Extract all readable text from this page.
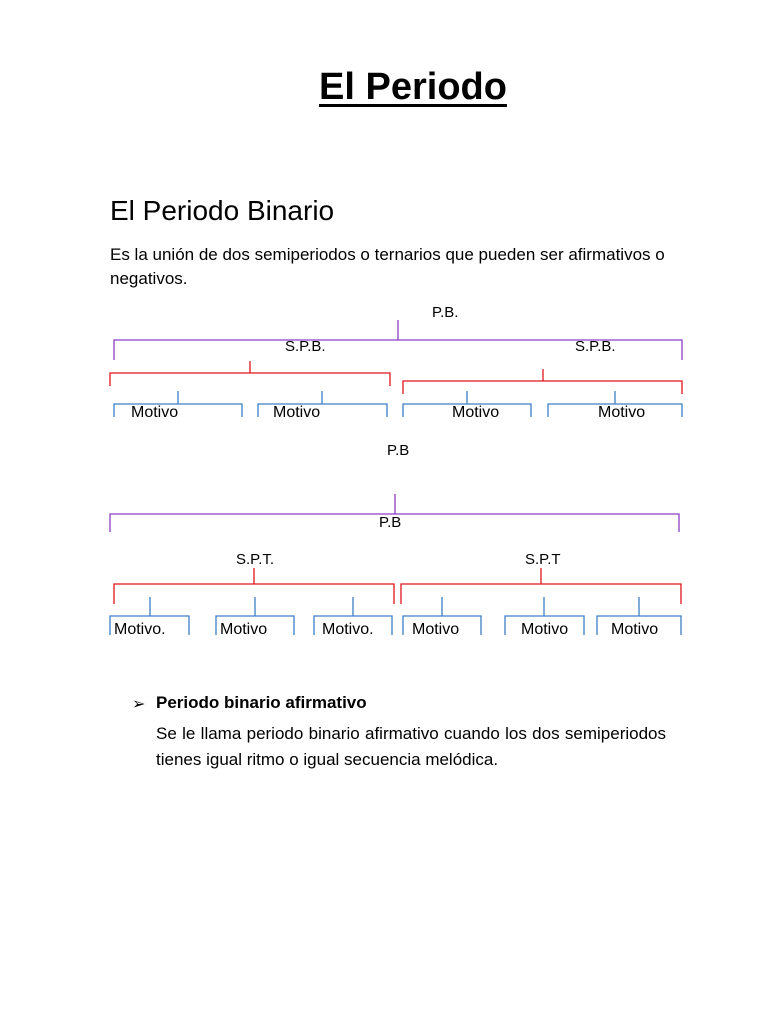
El Periodo
El Periodo Binario
Es la unión de dos semiperiodos o ternarios que pueden ser afirmativos o negativos.
P.B.
S.P.B.	S.P.B.
Motivo	Motivo	Motivo	Motivo
P.B
P.B
S.P.T.	S.P.T
Motivo.	Motivo	Motivo. Motivo	Motivo	Motivo
➢ Periodo binario afirmativo
Se le llama periodo binario afirmativo cuando los dos semiperiodos tienes igual ritmo o igual secuencia melódica.
